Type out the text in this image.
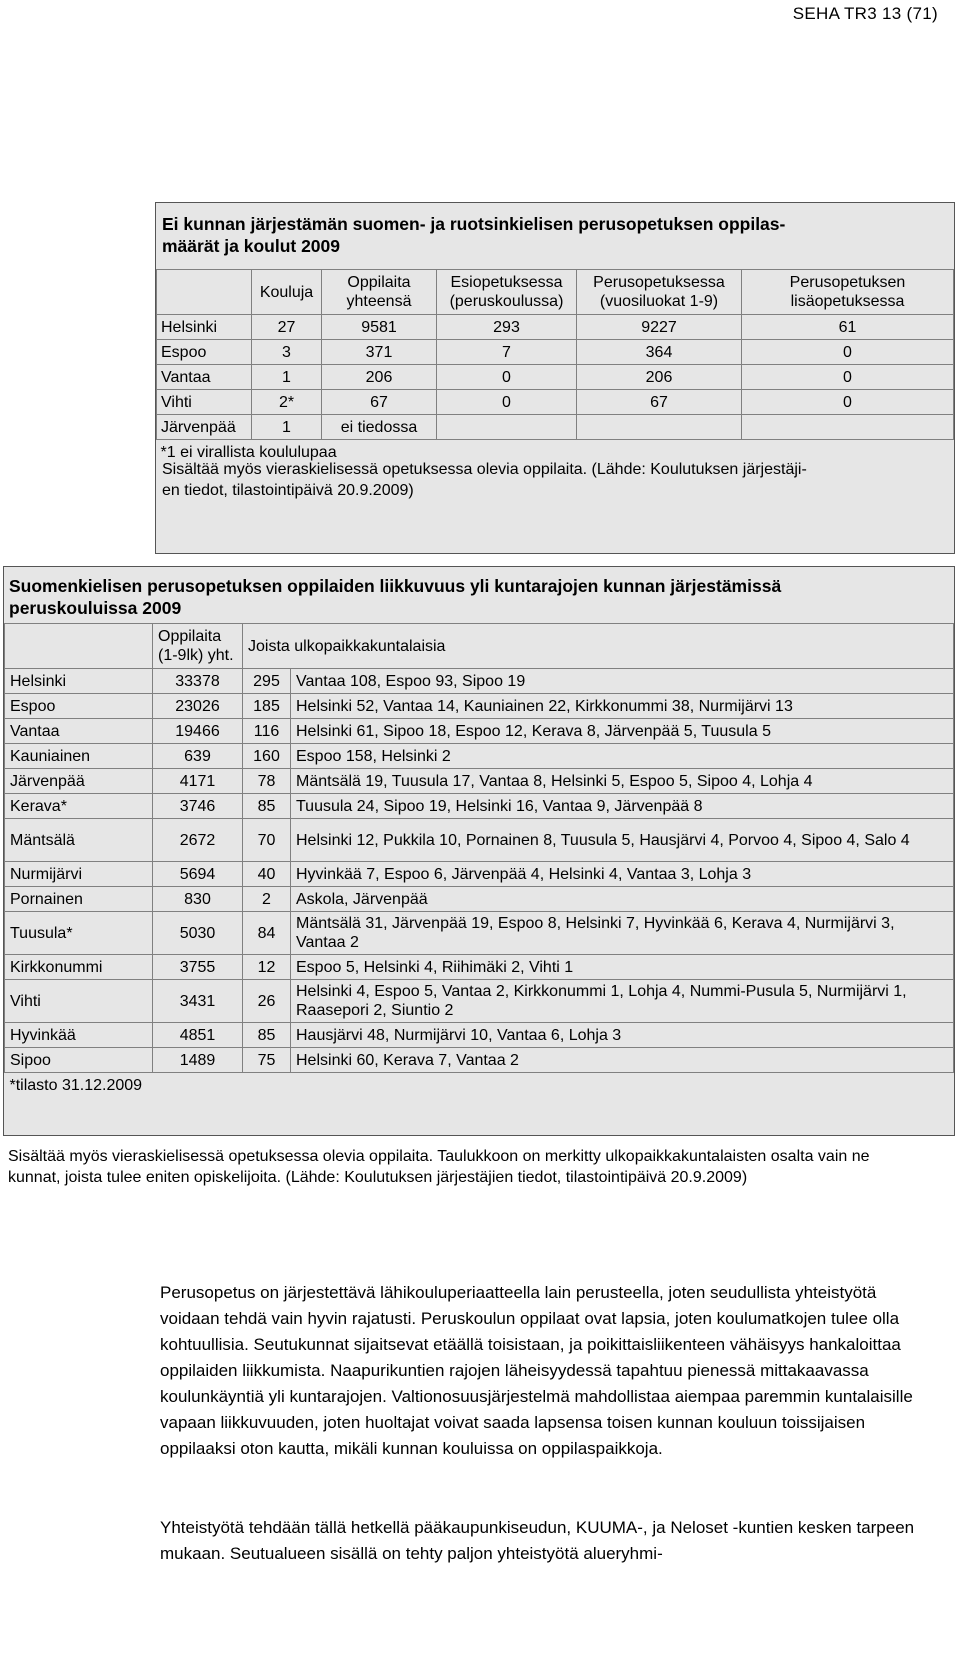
SEHA TR3 13 (71)
Ei kunnan järjestämän suomen- ja ruotsinkielisen perusopetuksen oppilas-
määrät ja koulut 2009
	Kouluja	Oppilaita yhteensä	Esiopetuksessa (peruskoulussa)	Perusopetuksessa (vuosiluokat 1-9)	Perusopetuksen lisäopetuksessa
Helsinki	27	9581	293	9227	61
Espoo	3	371	7	364	0
Vantaa	1	206	0	206	0
Vihti	2*	67	0	67	0
Järvenpää	1	ei tiedossa			
*1 ei virallista koululupaa					
Sisältää myös vieraskielisessä opetuksessa olevia oppilaita. (Lähde: Koulutuksen järjestäji-
en tiedot, tilastointipäivä 20.9.2009)
Suomenkielisen perusopetuksen oppilaiden liikkuvuus yli kuntarajojen kunnan järjestämissä
peruskouluissa 2009
	Oppilaita (1-9lk) yht.	Joista ulkopaikkakuntalaisia	
Helsinki	33378	295	Vantaa 108, Espoo 93, Sipoo 19
Espoo	23026	185	Helsinki 52, Vantaa 14, Kauniainen 22, Kirkkonummi 38, Nurmijärvi 13
Vantaa	19466	116	Helsinki 61, Sipoo 18, Espoo 12, Kerava 8, Järvenpää 5, Tuusula 5
Kauniainen	639	160	Espoo 158, Helsinki 2
Järvenpää	4171	78	Mäntsälä 19, Tuusula 17, Vantaa 8, Helsinki 5, Espoo 5, Sipoo 4, Lohja 4
Kerava*	3746	85	Tuusula 24, Sipoo 19, Helsinki 16, Vantaa 9, Järvenpää 8
Mäntsälä	2672	70	Helsinki 12, Pukkila 10, Pornainen 8, Tuusula 5, Hausjärvi 4, Porvoo 4, Sipoo 4, Salo 4
Nurmijärvi	5694	40	Hyvinkää 7, Espoo 6, Järvenpää 4, Helsinki 4, Vantaa 3, Lohja 3
Pornainen	830	2	Askola, Järvenpää
Tuusula*	5030	84	Mäntsälä 31, Järvenpää 19, Espoo 8, Helsinki 7, Hyvinkää 6, Kerava 4, Nurmijärvi 3, Vantaa 2
Kirkkonummi	3755	12	Espoo 5, Helsinki 4, Riihimäki 2, Vihti 1
Vihti	3431	26	Helsinki 4, Espoo 5, Vantaa 2, Kirkkonummi 1, Lohja 4, Nummi-Pusula 5, Nurmijärvi 1, Raasepori 2, Siuntio 2
Hyvinkää	4851	85	Hausjärvi 48, Nurmijärvi 10, Vantaa 6, Lohja 3
Sipoo	1489	75	Helsinki 60, Kerava 7, Vantaa 2
*tilasto 31.12.2009			
Sisältää myös vieraskielisessä opetuksessa olevia oppilaita. Taulukkoon on merkitty ulkopaikkakuntalaisten osalta vain ne kunnat, joista tulee eniten opiskelijoita. (Lähde: Koulutuksen järjestäjien tiedot, tilastointipäivä 20.9.2009)
Perusopetus on järjestettävä lähikouluperiaatteella lain perusteella, joten seudullista yhteistyötä voidaan tehdä vain hyvin rajatusti. Peruskoulun oppilaat ovat lapsia, joten koulumatkojen tulee olla kohtuullisia. Seutukunnat sijaitsevat etäällä toisistaan, ja poikittaisliikenteen vähäisyys hankaloittaa oppilaiden liikkumista. Naapurikuntien rajojen läheisyydessä tapahtuu pienessä mittakaavassa koulunkäyntiä yli kuntarajojen. Valtionosuusjärjestelmä mahdollistaa aiempaa paremmin kuntalaisille vapaan liikkuvuuden, joten huoltajat voivat saada lapsensa toisen kunnan kouluun toissijaisen oppilaaksi oton kautta, mikäli kunnan kouluissa on oppilaspaikkoja.
Yhteistyötä tehdään tällä hetkellä pääkaupunkiseudun, KUUMA-, ja Neloset -kuntien kesken tarpeen mukaan. Seutualueen sisällä on tehty paljon yhteistyötä alueryhmi-
